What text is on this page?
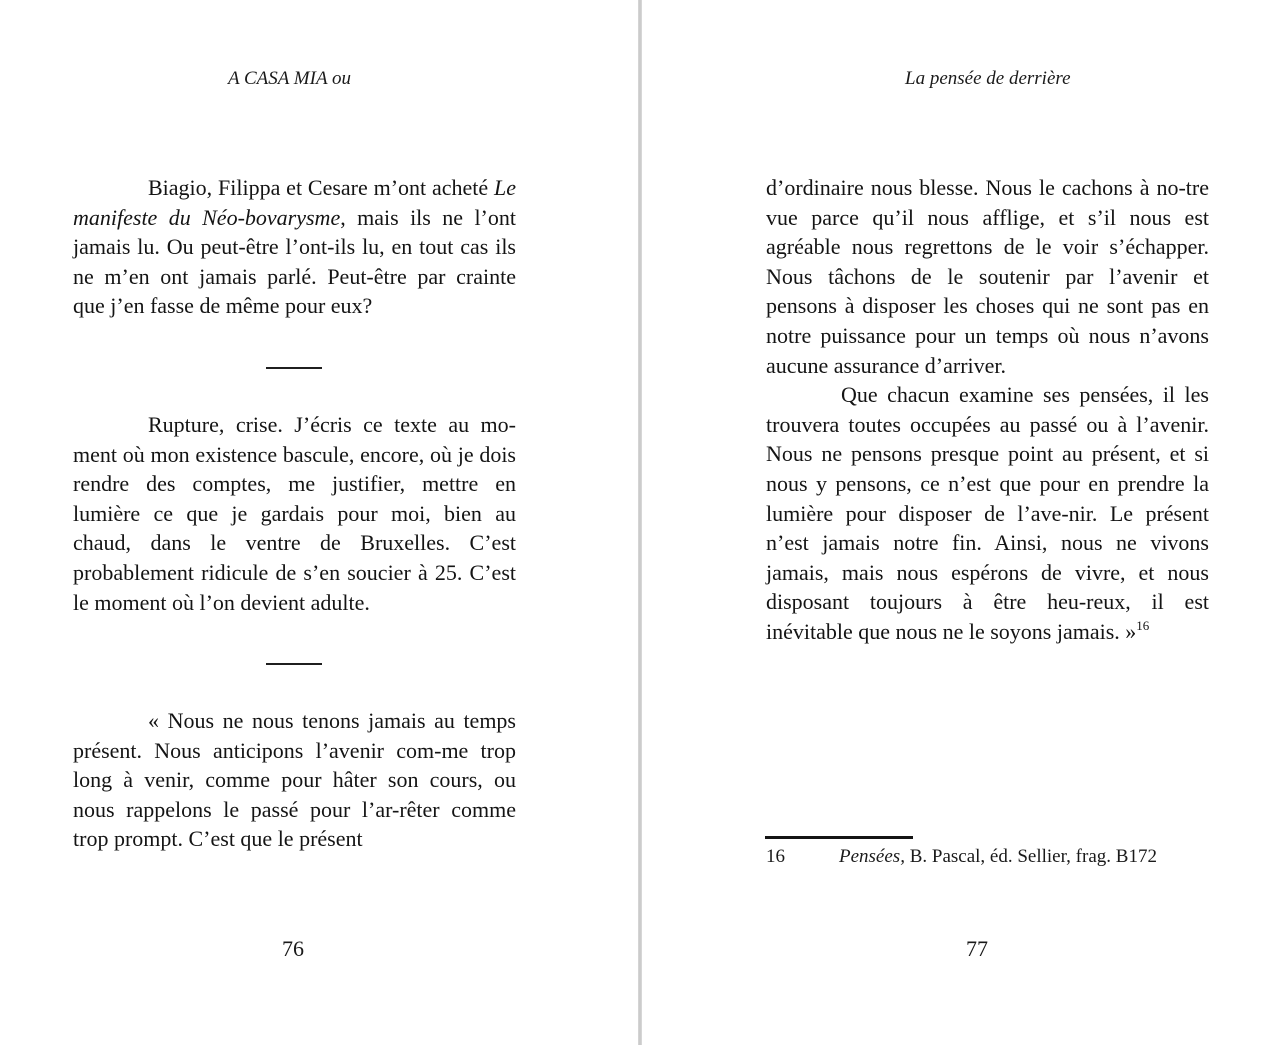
A CASA MIA ou

Biagio, Filippa et Cesare m’ont acheté Le manifeste du Néo-bovarysme, mais ils ne l’ont jamais lu. Ou peut-être l’ont-ils lu, en tout cas ils ne m’en ont jamais parlé. Peut-être par crainte que j’en fasse de même pour eux?

Rupture, crise. J’écris ce texte au mo-ment où mon existence bascule, encore, où je dois rendre des comptes, me justifier, mettre en lumière ce que je gardais pour moi, bien au chaud, dans le ventre de Bruxelles. C’est probablement ridicule de s’en soucier à 25. C’est le moment où l’on devient adulte.

« Nous ne nous tenons jamais au temps présent. Nous anticipons l’avenir com-me trop long à venir, comme pour hâter son cours, ou nous rappelons le passé pour l’ar-rêter comme trop prompt. C’est que le présent

76
La pensée de derrière

d’ordinaire nous blesse. Nous le cachons à no-tre vue parce qu’il nous afflige, et s’il nous est agréable nous regrettons de le voir s’échapper. Nous tâchons de le soutenir par l’avenir et pensons à disposer les choses qui ne sont pas en notre puissance pour un temps où nous n’avons aucune assurance d’arriver.

Que chacun examine ses pensées, il les trouvera toutes occupées au passé ou à l’avenir. Nous ne pensons presque point au présent, et si nous y pensons, ce n’est que pour en prendre la lumière pour disposer de l’ave-nir. Le présent n’est jamais notre fin. Ainsi, nous ne vivons jamais, mais nous espérons de vivre, et nous disposant toujours à être heu-reux, il est inévitable que nous ne le soyons jamais. »$^{16}$

16	Pensées, B. Pascal, éd. Sellier, frag. B172
77
